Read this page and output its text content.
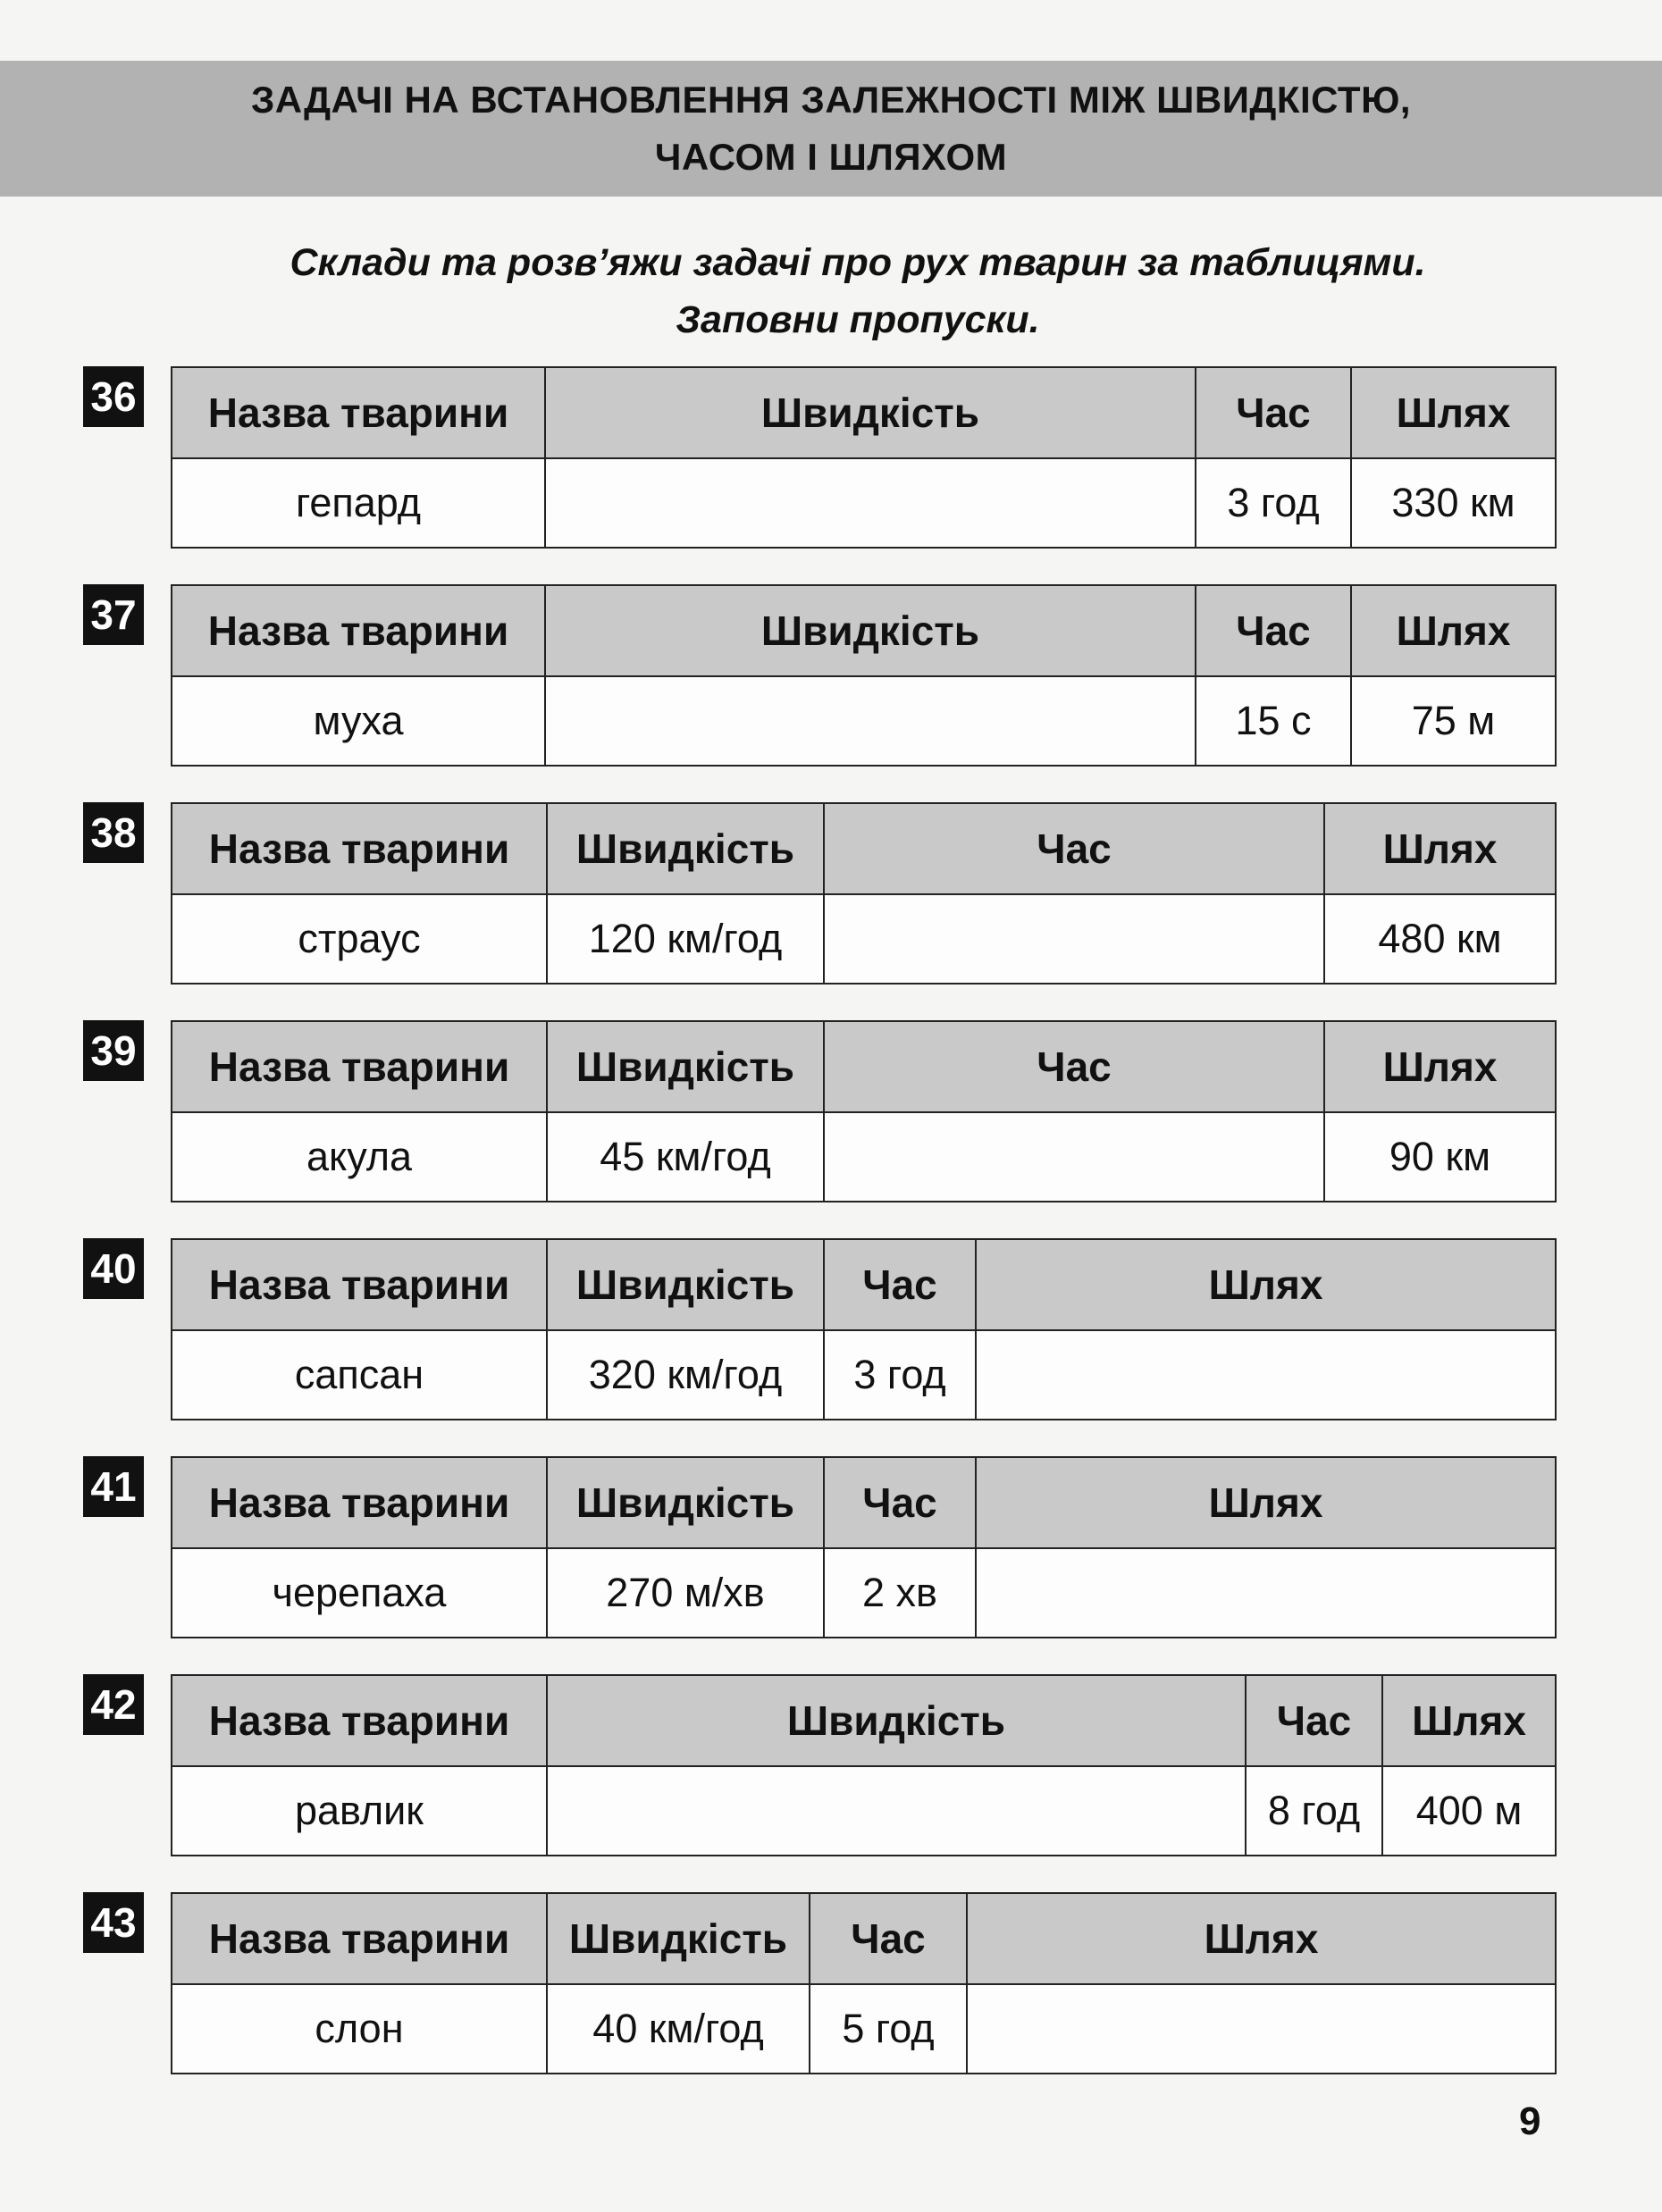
ЗАДАЧІ НА ВСТАНОВЛЕННЯ ЗАЛЕЖНОСТІ МІЖ ШВИДКІСТЮ,
ЧАСОМ І ШЛЯХОМ
Склади та розв’яжи задачі про рух тварин за таблицями.
Заповни пропуски.
36 Назва тварини	Швидкість	Час	Шлях
гепард		3 год	330 км
37 Назва тварини	Швидкість	Час	Шлях
муха		15 с	75 м
38 Назва тварини	Швидкість	Час	Шлях
страус	120 км/год		480 км
39 Назва тварини	Швидкість	Час	Шлях
акула	45 км/год		90 км
40 Назва тварини	Швидкість	Час	Шлях
сапсан	320 км/год	3 год	
41 Назва тварини	Швидкість	Час	Шлях
черепаха	270 м/хв	2 хв	
42 Назва тварини	Швидкість	Час	Шлях
равлик		8 год	400 м
43 Назва тварини	Швидкість	Час	Шлях
слон	40 км/год	5 год	
9
